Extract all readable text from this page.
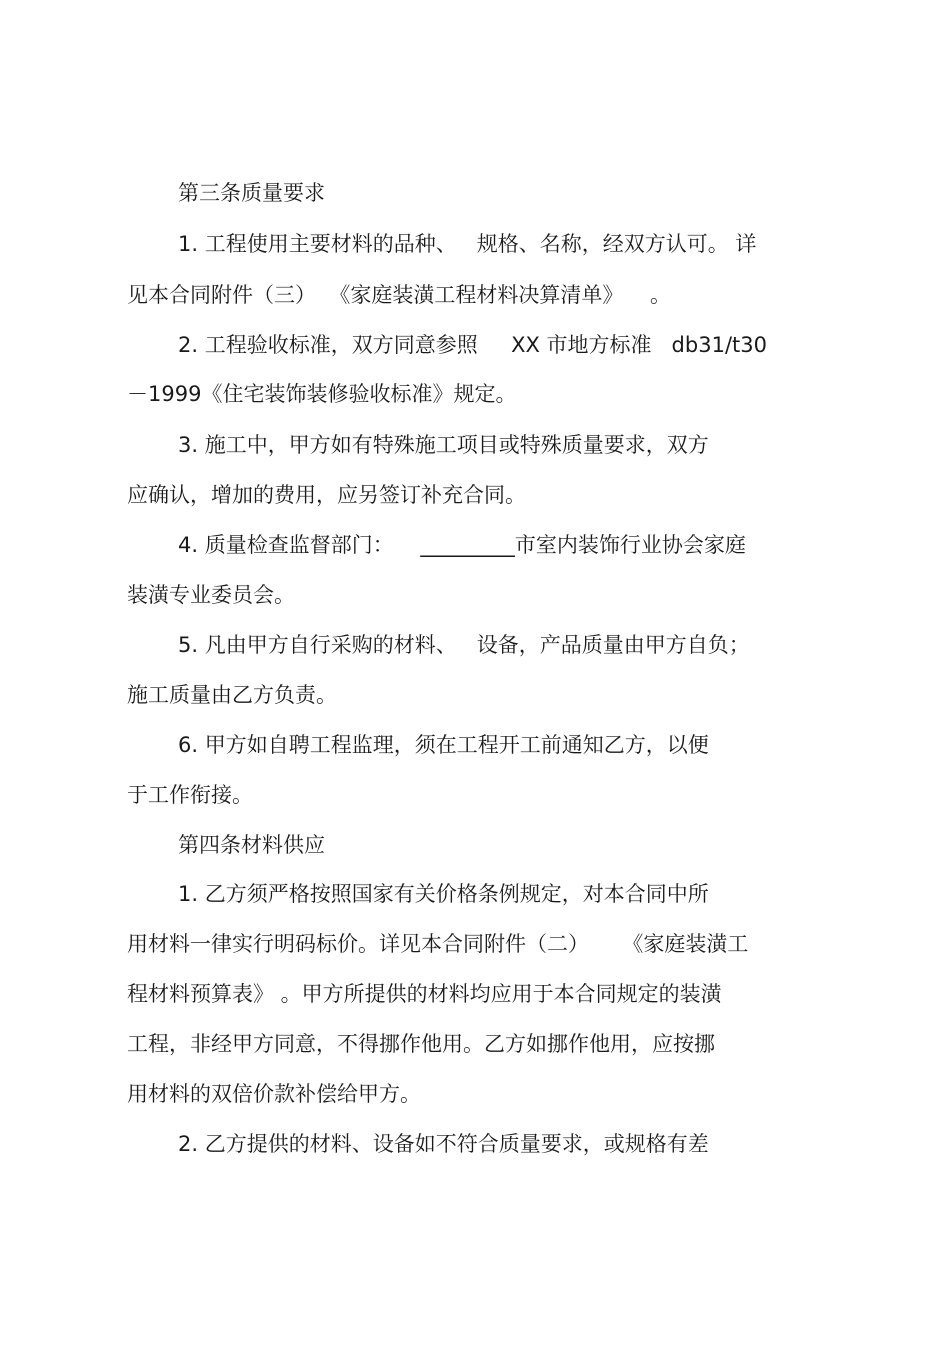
第三条质量要求
1. 工程使用主要材料的品种、   规格、名称，经双方认可。 详
见本合同附件（三）  《家庭装潢工程材料决算清单》    。
2. 工程验收标准，双方同意参照     XX 市地方标准   db31/t30
－1999《住宅装饰装修验收标准》规定。
3. 施工中，甲方如有特殊施工项目或特殊质量要求，双方
应确认，增加的费用，应另签订补充合同。
4. 质量检查监督部门：    _________市室内装饰行业协会家庭
装潢专业委员会。
5. 凡由甲方自行采购的材料、   设备，产品质量由甲方自负；
施工质量由乙方负责。
6. 甲方如自聘工程监理，须在工程开工前通知乙方，以便
于工作衔接。
第四条材料供应
1. 乙方须严格按照国家有关价格条例规定，对本合同中所
用材料一律实行明码标价。详见本合同附件（二）     《家庭装潢工
程材料预算表》 。甲方所提供的材料均应用于本合同规定的装潢
工程，非经甲方同意，不得挪作他用。乙方如挪作他用，应按挪
用材料的双倍价款补偿给甲方。
2. 乙方提供的材料、设备如不符合质量要求，或规格有差
